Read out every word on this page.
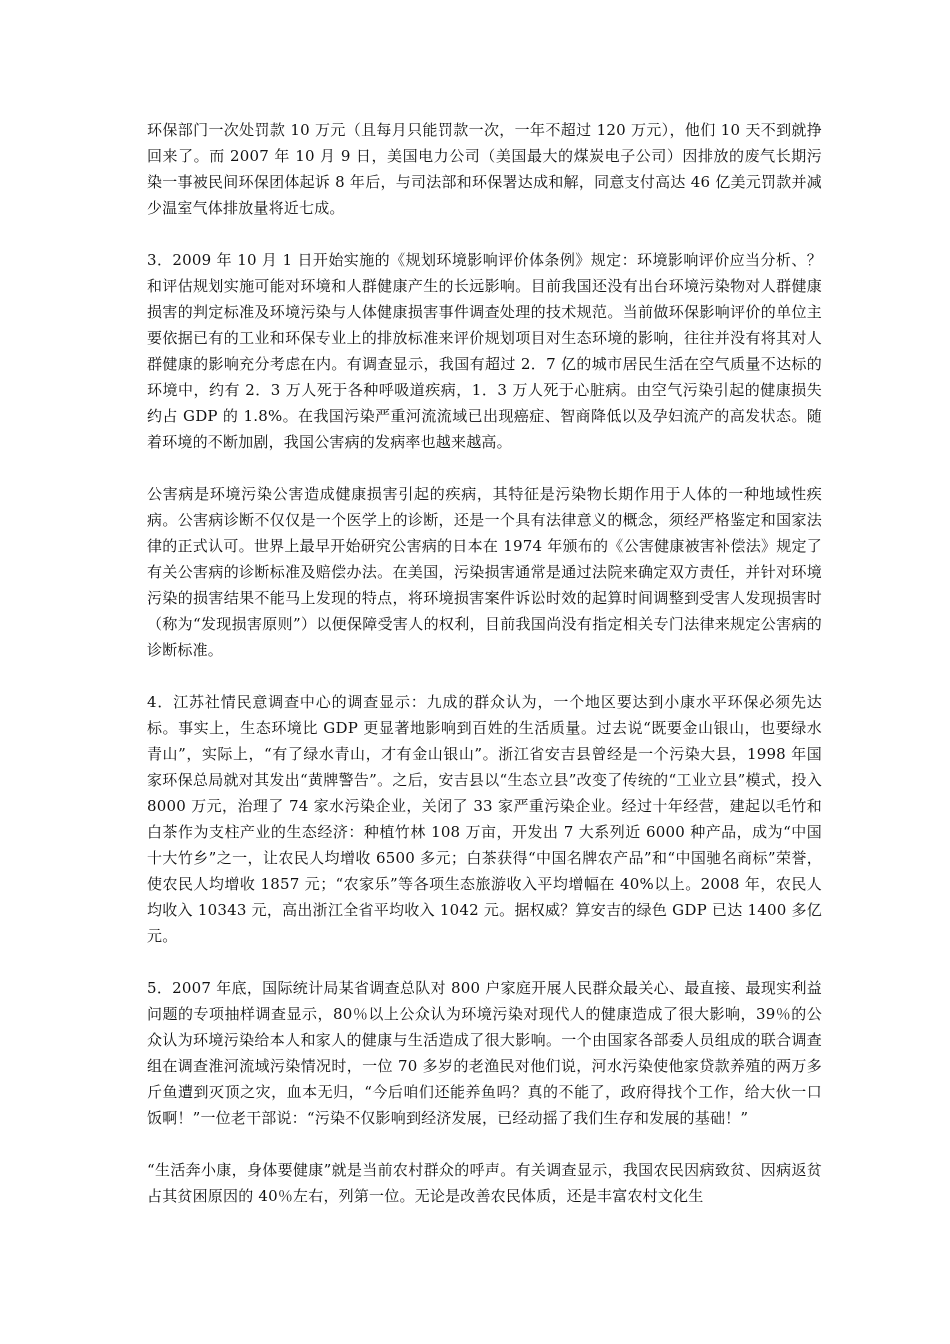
环保部门一次处罚款 10 万元（且每月只能罚款一次，一年不超过 120 万元），他们 10 天不到就挣回来了。而 2007 年 10 月 9 日，美国电力公司（美国最大的煤炭电子公司）因排放的废气长期污染一事被民间环保团体起诉 8 年后，与司法部和环保署达成和解，同意支付高达 46 亿美元罚款并减少温室气体排放量将近七成。

3．2009 年 10 月 1 日开始实施的《规划环境影响评价体条例》规定：环境影响评价应当分析、？和评估规划实施可能对环境和人群健康产生的长远影响。目前我国还没有出台环境污染物对人群健康损害的判定标准及环境污染与人体健康损害事件调查处理的技术规范。当前做环保影响评价的单位主要依据已有的工业和环保专业上的排放标准来评价规划项目对生态环境的影响，往往并没有将其对人群健康的影响充分考虑在内。有调查显示，我国有超过 2．7 亿的城市居民生活在空气质量不达标的环境中，约有 2．3 万人死于各种呼吸道疾病，1．3 万人死于心脏病。由空气污染引起的健康损失约占 GDP 的 1.8%。在我国污染严重河流流域已出现癌症、智商降低以及孕妇流产的高发状态。随着环境的不断加剧，我国公害病的发病率也越来越高。

公害病是环境污染公害造成健康损害引起的疾病，其特征是污染物长期作用于人体的一种地域性疾病。公害病诊断不仅仅是一个医学上的诊断，还是一个具有法律意义的概念，须经严格鉴定和国家法律的正式认可。世界上最早开始研究公害病的日本在 1974 年颁布的《公害健康被害补偿法》规定了有关公害病的诊断标准及赔偿办法。在美国，污染损害通常是通过法院来确定双方责任，并针对环境污染的损害结果不能马上发现的特点，将环境损害案件诉讼时效的起算时间调整到受害人发现损害时（称为“发现损害原则”）以便保障受害人的权利，目前我国尚没有指定相关专门法律来规定公害病的诊断标准。

4．江苏社情民意调查中心的调查显示：九成的群众认为，一个地区要达到小康水平环保必须先达标。事实上，生态环境比 GDP 更显著地影响到百姓的生活质量。过去说“既要金山银山，也要绿水青山”，实际上，“有了绿水青山，才有金山银山”。浙江省安吉县曾经是一个污染大县，1998 年国家环保总局就对其发出“黄牌警告”。之后，安吉县以“生态立县”改变了传统的“工业立县”模式，投入 8000 万元，治理了 74 家水污染企业，关闭了 33 家严重污染企业。经过十年经营，建起以毛竹和白茶作为支柱产业的生态经济：种植竹林 108 万亩，开发出 7 大系列近 6000 种产品，成为“中国十大竹乡”之一，让农民人均增收 6500 多元；白茶获得“中国名牌农产品”和“中国驰名商标”荣誉，使农民人均增收 1857 元；“农家乐”等各项生态旅游收入平均增幅在 40%以上。2008 年，农民人均收入 10343 元，高出浙江全省平均收入 1042 元。据权威？算安吉的绿色 GDP 已达 1400 多亿元。

5．2007 年底，国际统计局某省调查总队对 800 户家庭开展人民群众最关心、最直接、最现实利益问题的专项抽样调查显示，80％以上公众认为环境污染对现代人的健康造成了很大影响，39％的公众认为环境污染给本人和家人的健康与生活造成了很大影响。一个由国家各部委人员组成的联合调查组在调查淮河流域污染情况时，一位 70 多岁的老渔民对他们说，河水污染使他家贷款养殖的两万多斤鱼遭到灭顶之灾，血本无归，“今后咱们还能养鱼吗？真的不能了，政府得找个工作，给大伙一口饭啊！”一位老干部说：“污染不仅影响到经济发展，已经动摇了我们生存和发展的基础！”

“生活奔小康，身体要健康”就是当前农村群众的呼声。有关调查显示，我国农民因病致贫、因病返贫占其贫困原因的 40％左右，列第一位。无论是改善农民体质，还是丰富农村文化生
